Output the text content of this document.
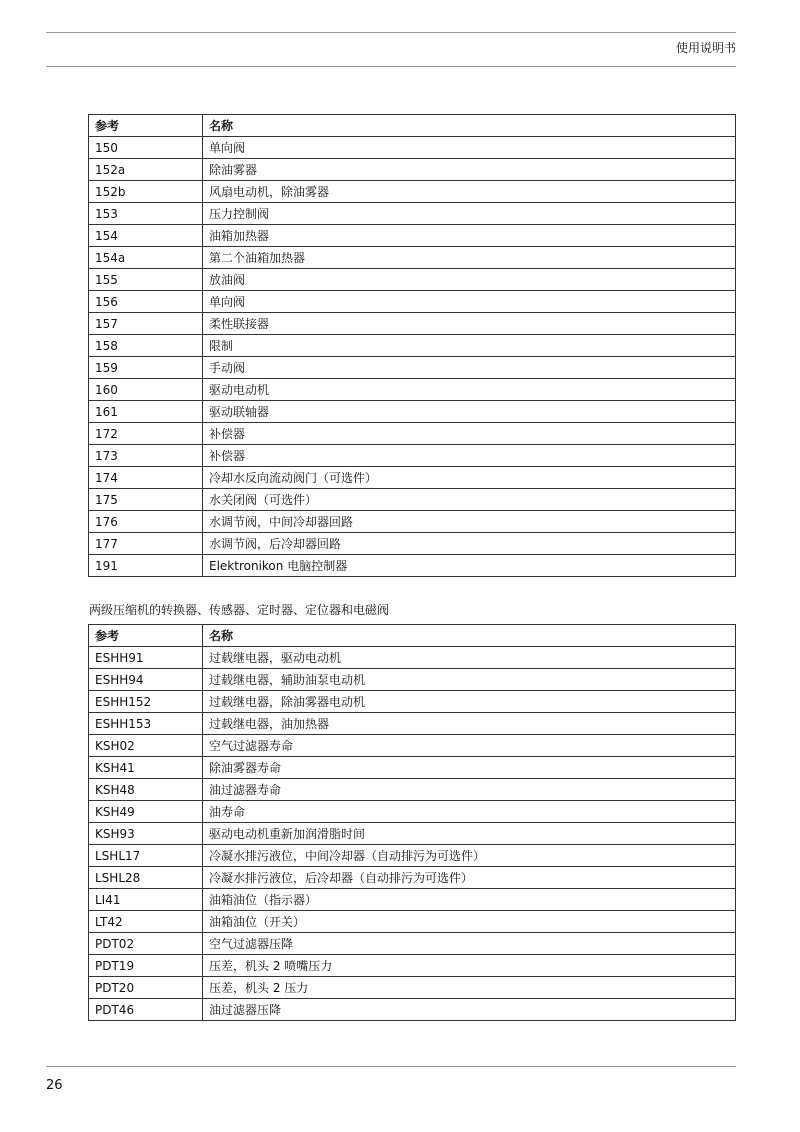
使用说明书
参考	名称
150	单向阀
152a	除油雾器
152b	风扇电动机，除油雾器
153	压力控制阀
154	油箱加热器
154a	第二个油箱加热器
155	放油阀
156	单向阀
157	柔性联接器
158	限制
159	手动阀
160	驱动电动机
161	驱动联轴器
172	补偿器
173	补偿器
174	冷却水反向流动阀门（可选件）
175	水关闭阀（可选件）
176	水调节阀，中间冷却器回路
177	水调节阀，后冷却器回路
191	Elektronikon 电脑控制器
两级压缩机的转换器、传感器、定时器、定位器和电磁阀
参考	名称
ESHH91	过载继电器，驱动电动机
ESHH94	过载继电器，辅助油泵电动机
ESHH152	过载继电器，除油雾器电动机
ESHH153	过载继电器，油加热器
KSH02	空气过滤器寿命
KSH41	除油雾器寿命
KSH48	油过滤器寿命
KSH49	油寿命
KSH93	驱动电动机重新加润滑脂时间
LSHL17	冷凝水排污液位，中间冷却器（自动排污为可选件）
LSHL28	冷凝水排污液位，后冷却器（自动排污为可选件）
LI41	油箱油位（指示器）
LT42	油箱油位（开关）
PDT02	空气过滤器压降
PDT19	压差，机头 2 喷嘴压力
PDT20	压差，机头 2 压力
PDT46	油过滤器压降
26
